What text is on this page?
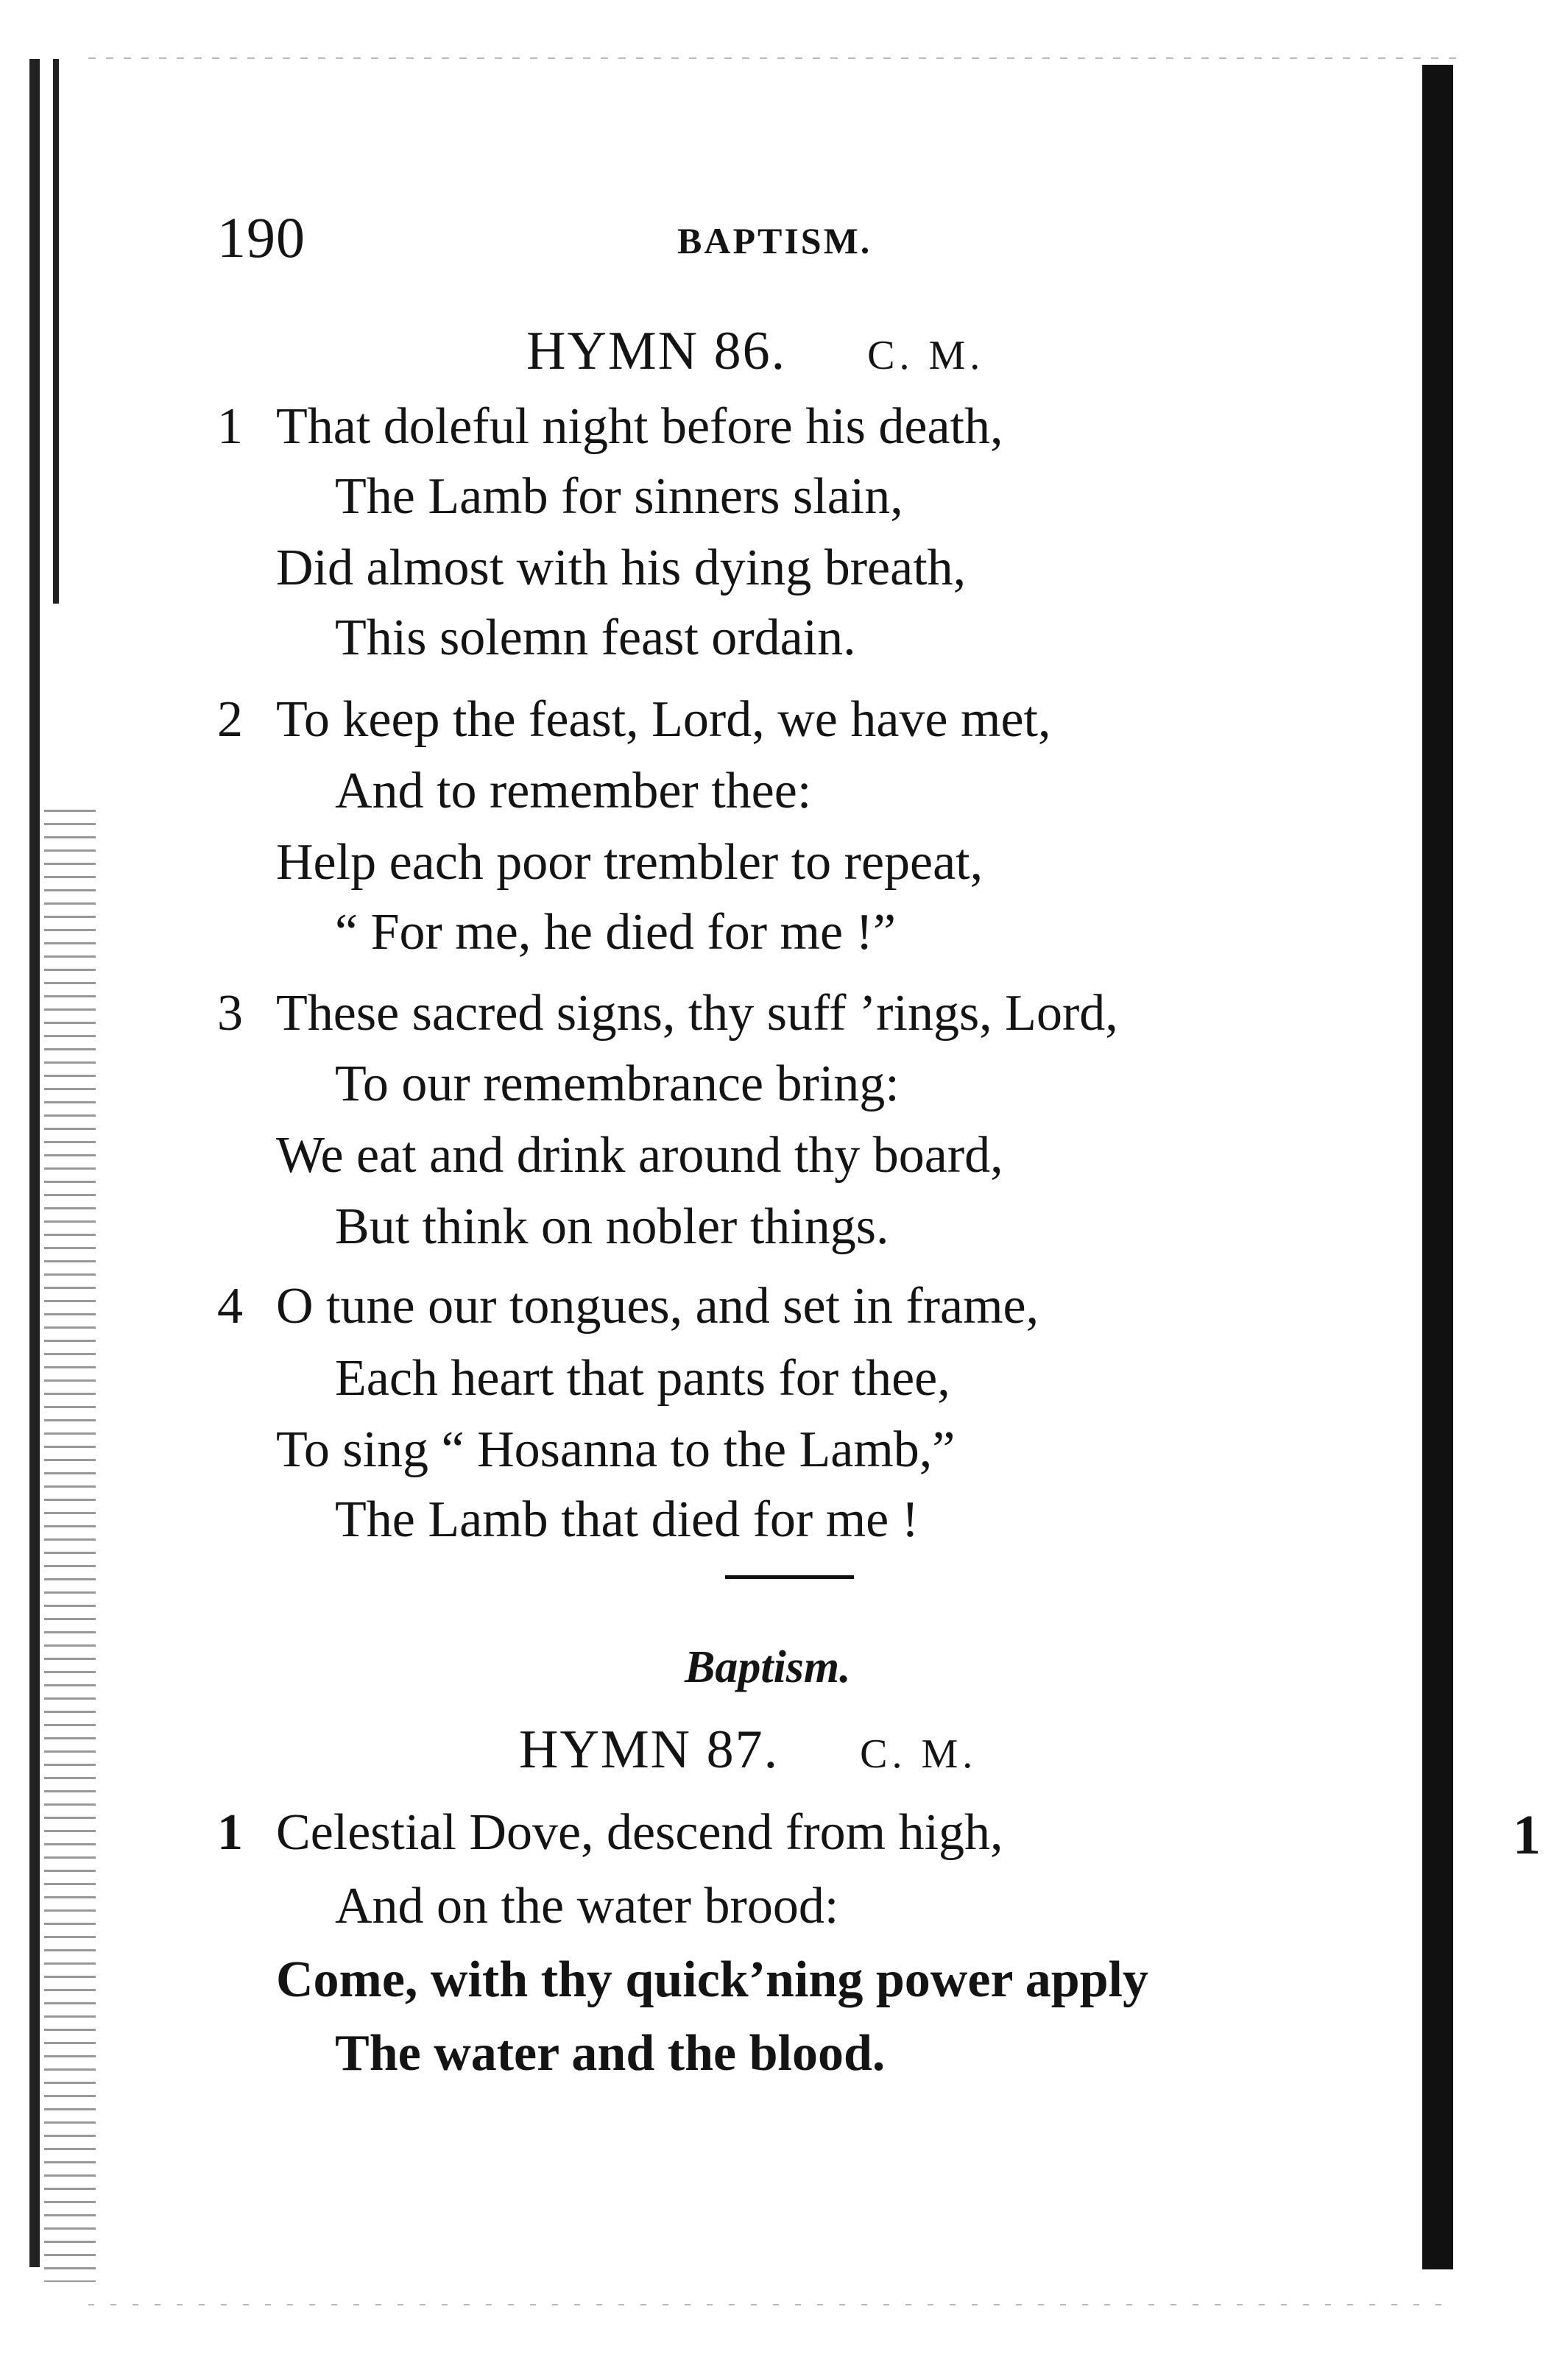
1
190	BAPTISM.
HYMN 86. C. M.
1 That doleful night before his death,
The Lamb for sinners slain,
Did almost with his dying breath,
This solemn feast ordain.
2 To keep the feast, Lord, we have met,
And to remember thee:
Help each poor trembler to repeat,
“ For me, he died for me !”
3 These sacred signs, thy suff ’rings, Lord,
To our remembrance bring:
We eat and drink around thy board,
But think on nobler things.
4 O tune our tongues, and set in frame,
Each heart that pants for thee,
To sing “ Hosanna to the Lamb,”
The Lamb that died for me !
Baptism.
HYMN 87. C. M.
1 Celestial Dove, descend from high,
And on the water brood:
Come, with thy quick’ning power apply
The water and the blood.
